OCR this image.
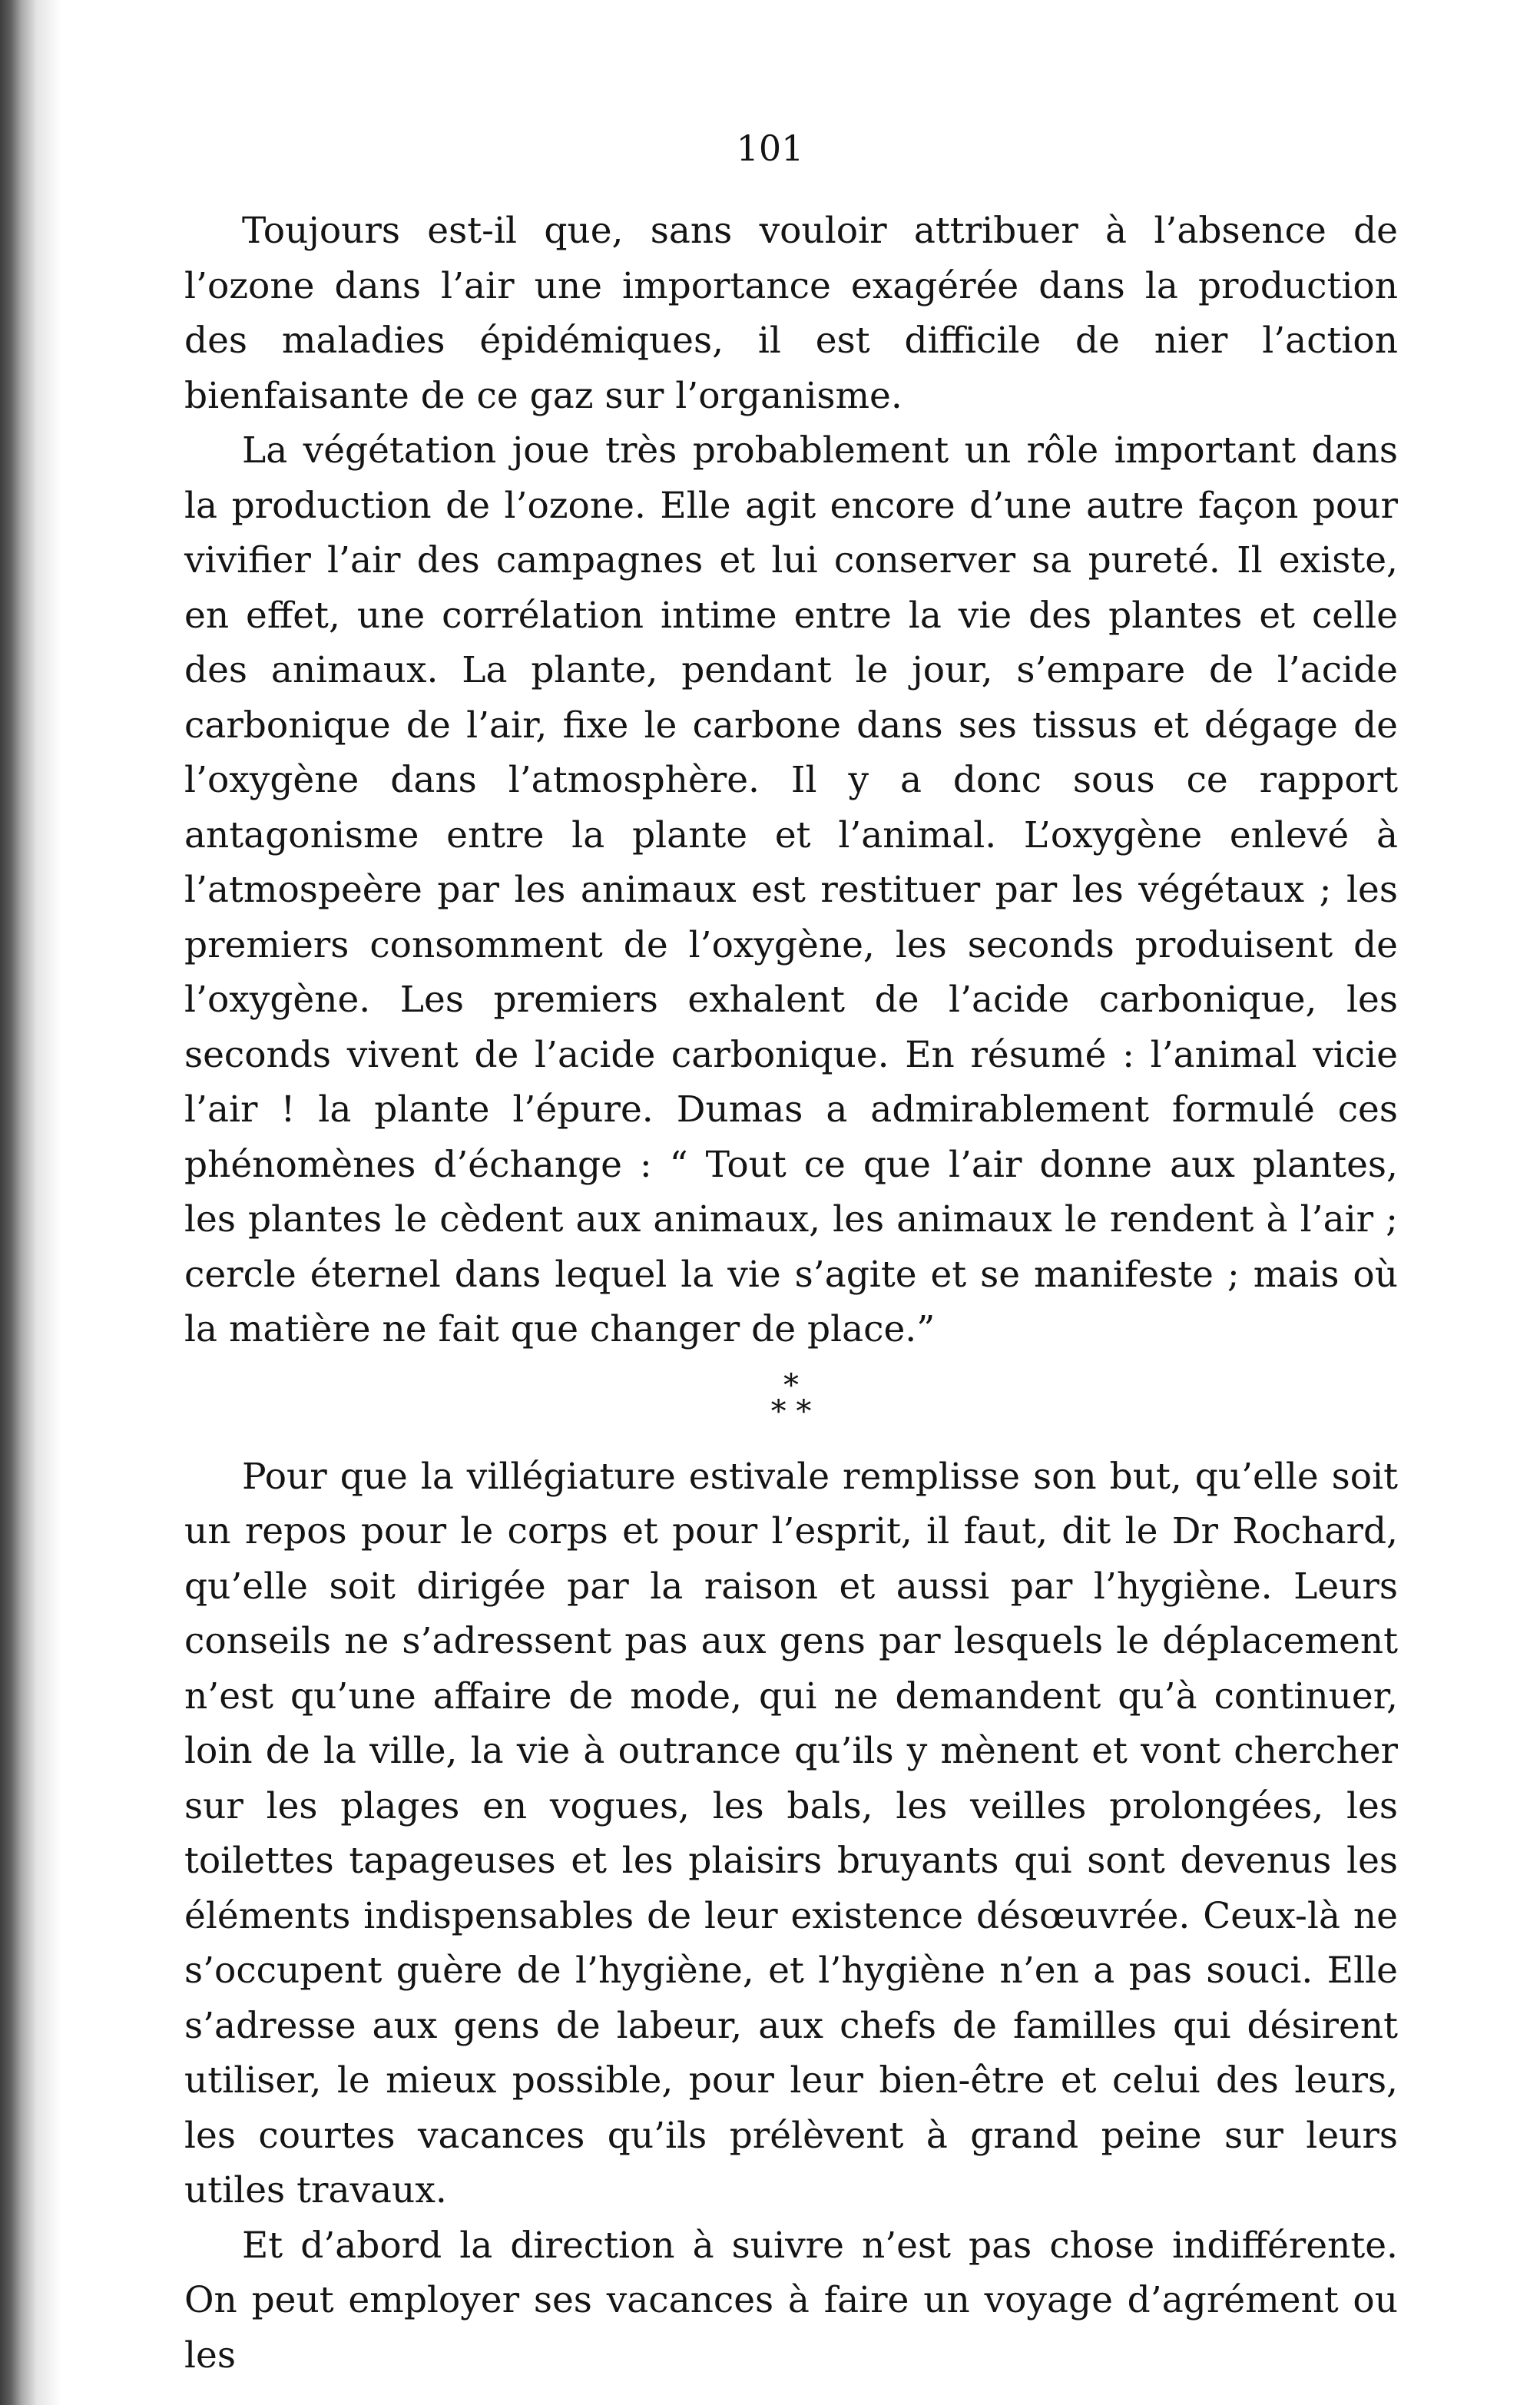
101

Toujours est-il que, sans vouloir attribuer à l’absence de l’ozone dans l’air une importance exagérée dans la production des maladies épidémiques, il est difficile de nier l’action bienfaisante de ce gaz sur l’organisme.

La végétation joue très probablement un rôle important dans la production de l’ozone. Elle agit encore d’une autre façon pour vivifier l’air des campagnes et lui conserver sa pureté. Il existe, en effet, une corrélation intime entre la vie des plantes et celle des animaux. La plante, pendant le jour, s’empare de l’acide carbonique de l’air, fixe le carbone dans ses tissus et dégage de l’oxygène dans l’atmosphère. Il y a donc sous ce rapport antagonisme entre la plante et l’animal. L’oxygène enlevé à l’atmospeère par les animaux est restituer par les végétaux ; les premiers consomment de l’oxygène, les seconds produisent de l’oxygène. Les premiers exhalent de l’acide carbonique, les seconds vivent de l’acide carbonique. En résumé : l’animal vicie l’air ! la plante l’épure. Dumas a admirablement formulé ces phénomènes d’échange : “ Tout ce que l’air donne aux plantes, les plantes le cèdent aux animaux, les animaux le rendent à l’air ; cercle éternel dans lequel la vie s’agite et se manifeste ; mais où la matière ne fait que changer de place.”

*
* *

Pour que la villégiature estivale remplisse son but, qu’elle soit un repos pour le corps et pour l’esprit, il faut, dit le Dr Rochard, qu’elle soit dirigée par la raison et aussi par l’hygiène. Leurs conseils ne s’adressent pas aux gens par lesquels le déplacement n’est qu’une affaire de mode, qui ne demandent qu’à continuer, loin de la ville, la vie à outrance qu’ils y mènent et vont chercher sur les plages en vogues, les bals, les veilles prolongées, les toilettes tapageuses et les plaisirs bruyants qui sont devenus les éléments indispensables de leur existence désœuvrée. Ceux-là ne s’occupent guère de l’hygiène, et l’hygiène n’en a pas souci. Elle s’adresse aux gens de labeur, aux chefs de familles qui désirent utiliser, le mieux possible, pour leur bien-être et celui des leurs, les courtes vacances qu’ils prélèvent à grand peine sur leurs utiles travaux.

Et d’abord la direction à suivre n’est pas chose indifférente. On peut employer ses vacances à faire un voyage d’agrément ou les
